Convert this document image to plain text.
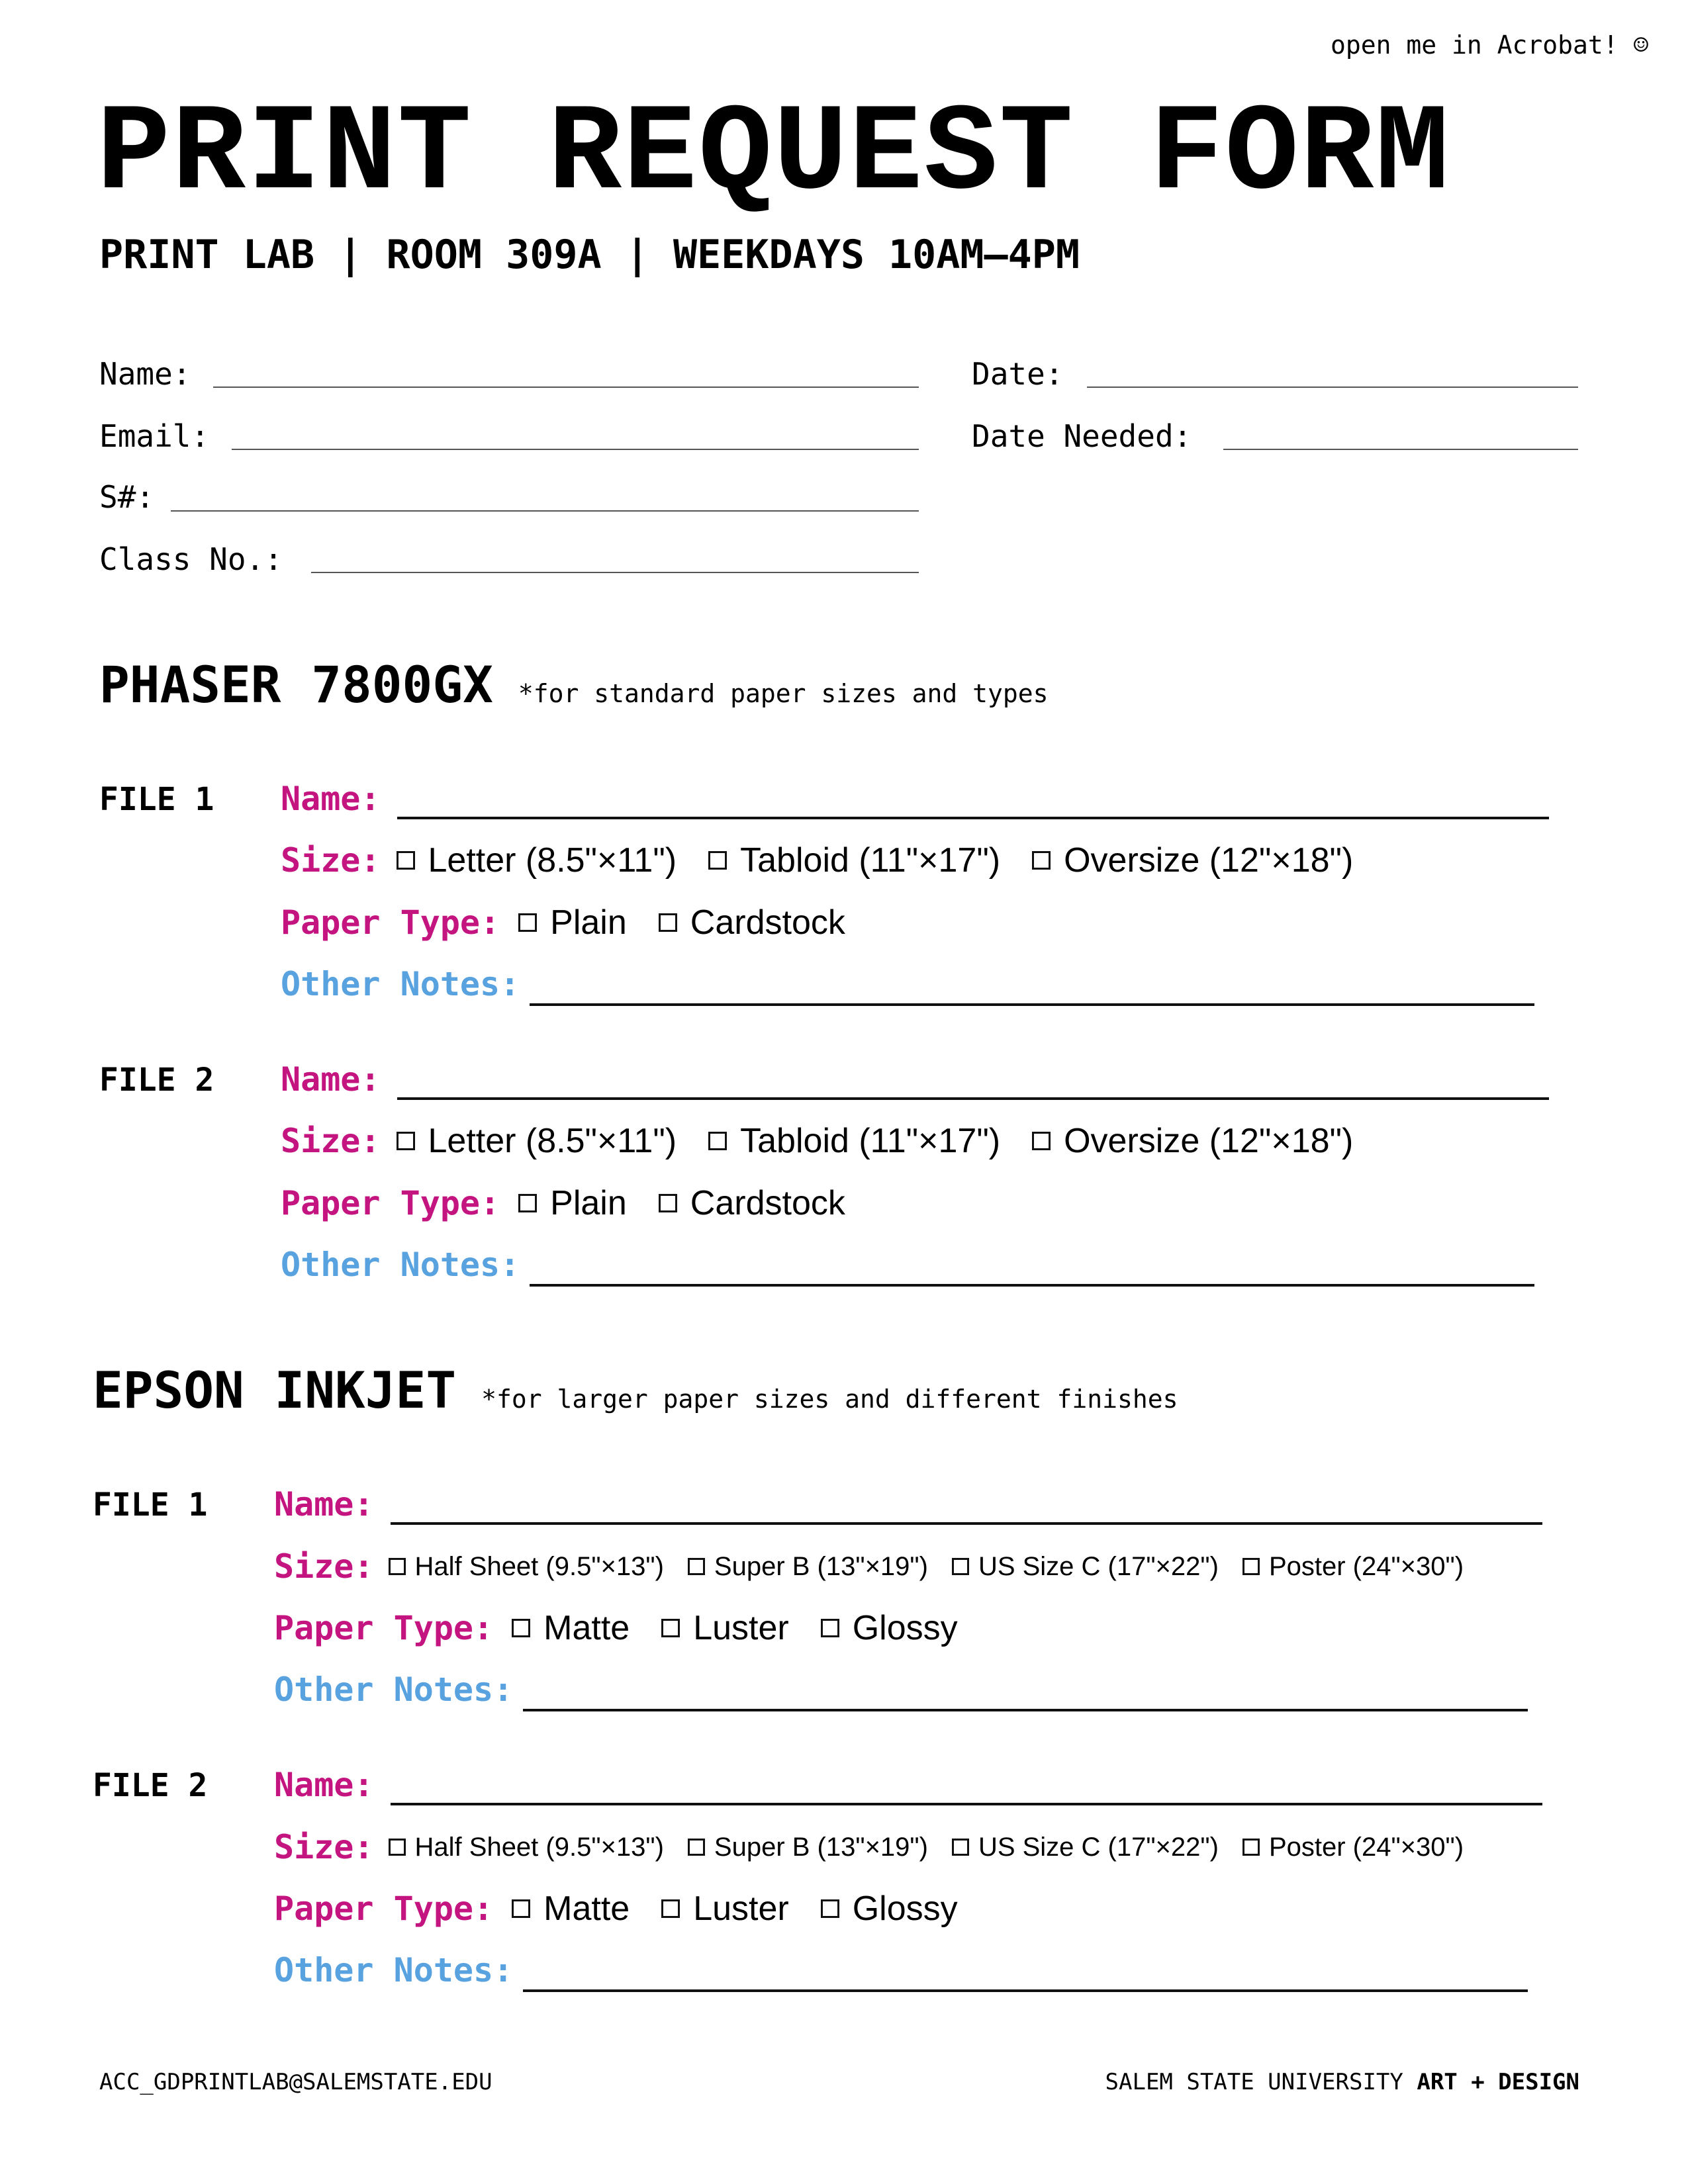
open me in Acrobat! ☺
PRINT REQUEST FORM
PRINT LAB | ROOM 309A | WEEKDAYS 10AM–4PM
Name:
Email:
S#:
Class No.:
Date:
Date Needed:
PHASER 7800GX *for standard paper sizes and types
FILE 1 Name:
Size: Letter (8.5"×11") Tabloid (11"×17") Oversize (12"×18")
Paper Type: Plain Cardstock
Other Notes:
FILE 2 Name:
Size: Letter (8.5"×11") Tabloid (11"×17") Oversize (12"×18")
Paper Type: Plain Cardstock
Other Notes:
EPSON INKJET *for larger paper sizes and different finishes
FILE 1 Name:
Size: Half Sheet (9.5"×13") Super B (13"×19") US Size C (17"×22") Poster (24"×30")
Paper Type: Matte Luster Glossy
Other Notes:
FILE 2 Name:
Size: Half Sheet (9.5"×13") Super B (13"×19") US Size C (17"×22") Poster (24"×30")
Paper Type: Matte Luster Glossy
Other Notes:
ACC_GDPRINTLAB@SALEMSTATE.EDU	SALEM STATE UNIVERSITY ART + DESIGN
